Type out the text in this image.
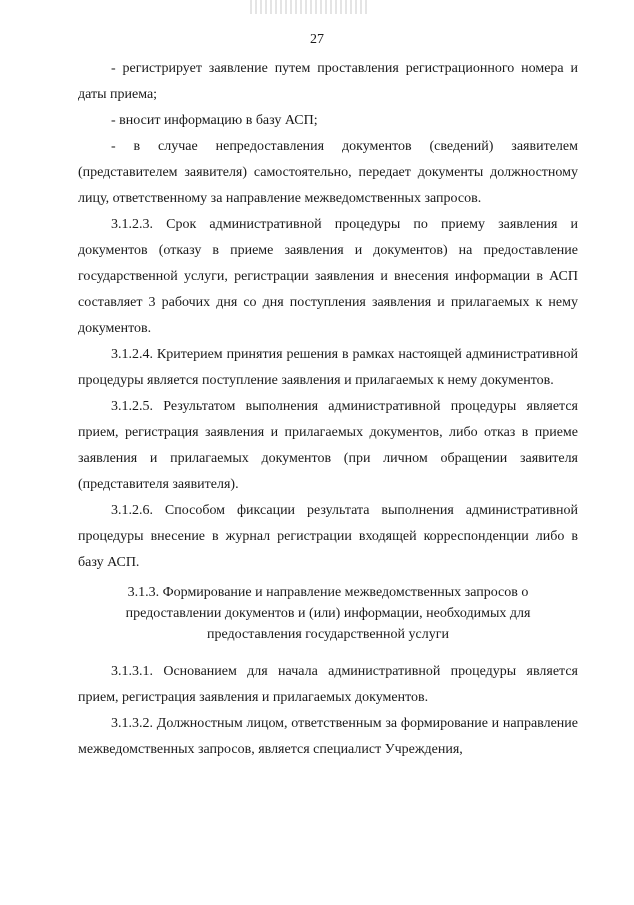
27

- регистрирует заявление путем проставления регистрационного номера и даты приема;

- вносит информацию в базу АСП;

- в случае непредоставления документов (сведений) заявителем (представителем заявителя) самостоятельно, передает документы должностному лицу, ответственному за направление межведомственных запросов.

3.1.2.3. Срок административной процедуры по приему заявления и документов (отказу в приеме заявления и документов) на предоставление государственной услуги, регистрации заявления и внесения информации в АСП составляет 3 рабочих дня со дня поступления заявления и прилагаемых к нему документов.

3.1.2.4. Критерием принятия решения в рамках настоящей административной процедуры является поступление заявления и прилагаемых к нему документов.

3.1.2.5. Результатом выполнения административной процедуры является прием, регистрация заявления и прилагаемых документов, либо отказ в приеме заявления и прилагаемых документов (при личном обращении заявителя (представителя заявителя).

3.1.2.6. Способом фиксации результата выполнения административной процедуры внесение в журнал регистрации входящей корреспонденции либо в базу АСП.

3.1.3. Формирование и направление межведомственных запросов о предоставлении документов и (или) информации, необходимых для предоставления государственной услуги

3.1.3.1. Основанием для начала административной процедуры является прием, регистрация заявления и прилагаемых документов.

3.1.3.2. Должностным лицом, ответственным за формирование и направление межведомственных запросов, является специалист Учреждения,
